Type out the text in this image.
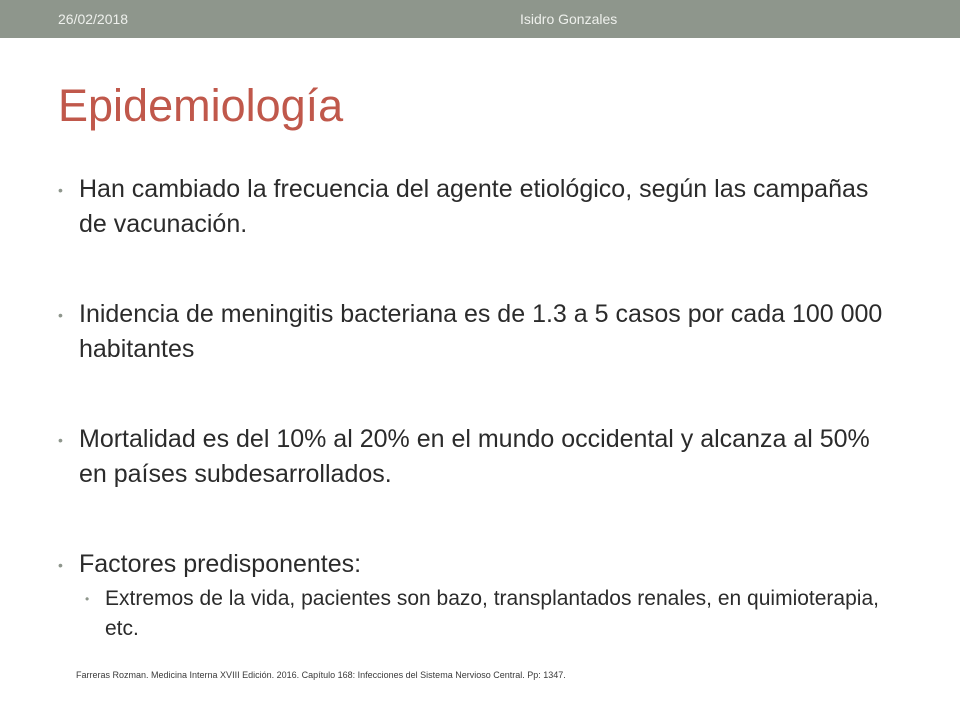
26/02/2018	Isidro Gonzales
Epidemiología
• Han cambiado la frecuencia del agente etiológico, según las campañas de vacunación.
• Inidencia de meningitis bacteriana es de 1.3 a 5 casos por cada 100 000 habitantes
• Mortalidad es del 10% al 20% en el mundo occidental y alcanza al 50% en países subdesarrollados.
• Factores predisponentes:
• Extremos de la vida, pacientes son bazo, transplantados renales, en quimioterapia, etc.
Farreras Rozman. Medicina Interna XVIII Edición. 2016. Capítulo 168: Infecciones del Sistema Nervioso Central. Pp: 1347.
